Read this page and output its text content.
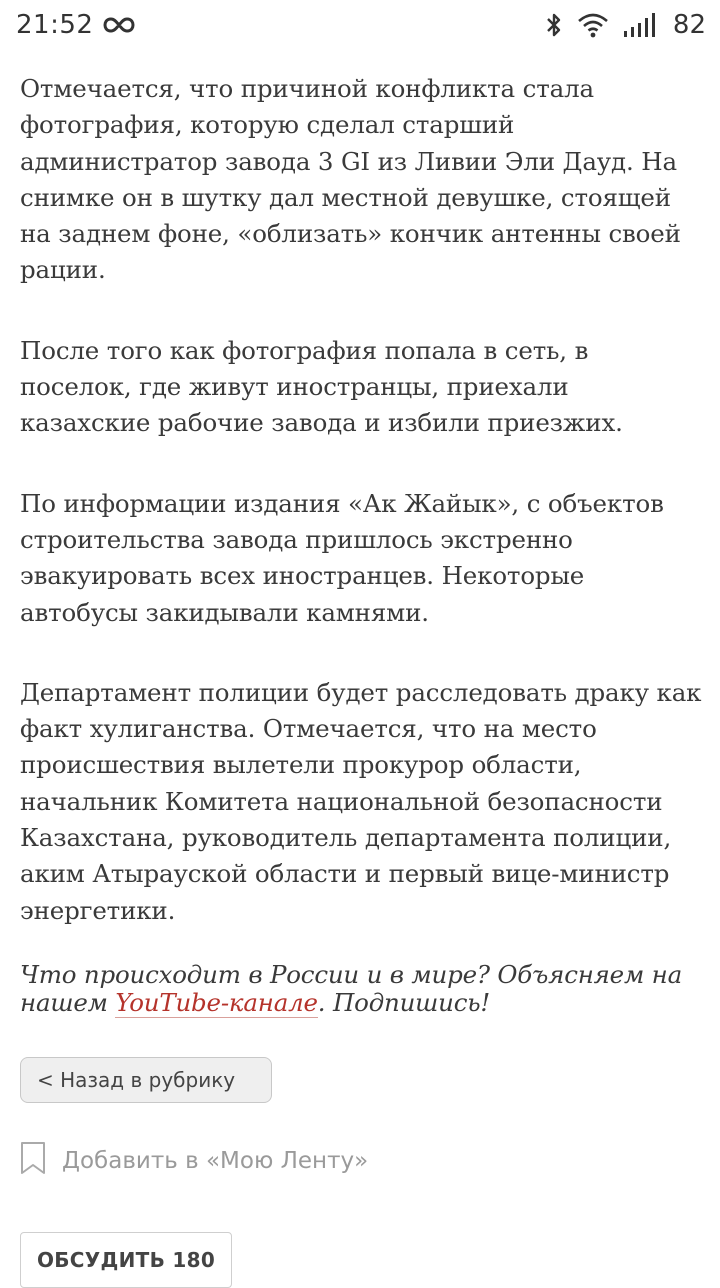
21:52	82

Отмечается, что причиной конфликта стала фотография, которую сделал старший администратор завода 3 GI из Ливии Эли Дауд. На снимке он в шутку дал местной девушке, стоящей на заднем фоне, «облизать» кончик антенны своей рации.

После того как фотография попала в сеть, в поселок, где живут иностранцы, приехали казахские рабочие завода и избили приезжих.

По информации издания «Ак Жайык», с объектов строительства завода пришлось экстренно эвакуировать всех иностранцев. Некоторые автобусы закидывали камнями.

Департамент полиции будет расследовать драку как факт хулиганства. Отмечается, что на место происшествия вылетели прокурор области, начальник Комитета национальной безопасности Казахстана, руководитель департамента полиции, аким Атырауской области и первый вице-министр энергетики.

Что происходит в России и в мире? Объясняем на нашем YouTube-канале. Подпишись!

< Назад в рубрику
Добавить в «Мою Ленту»
ОБСУДИТЬ 180
